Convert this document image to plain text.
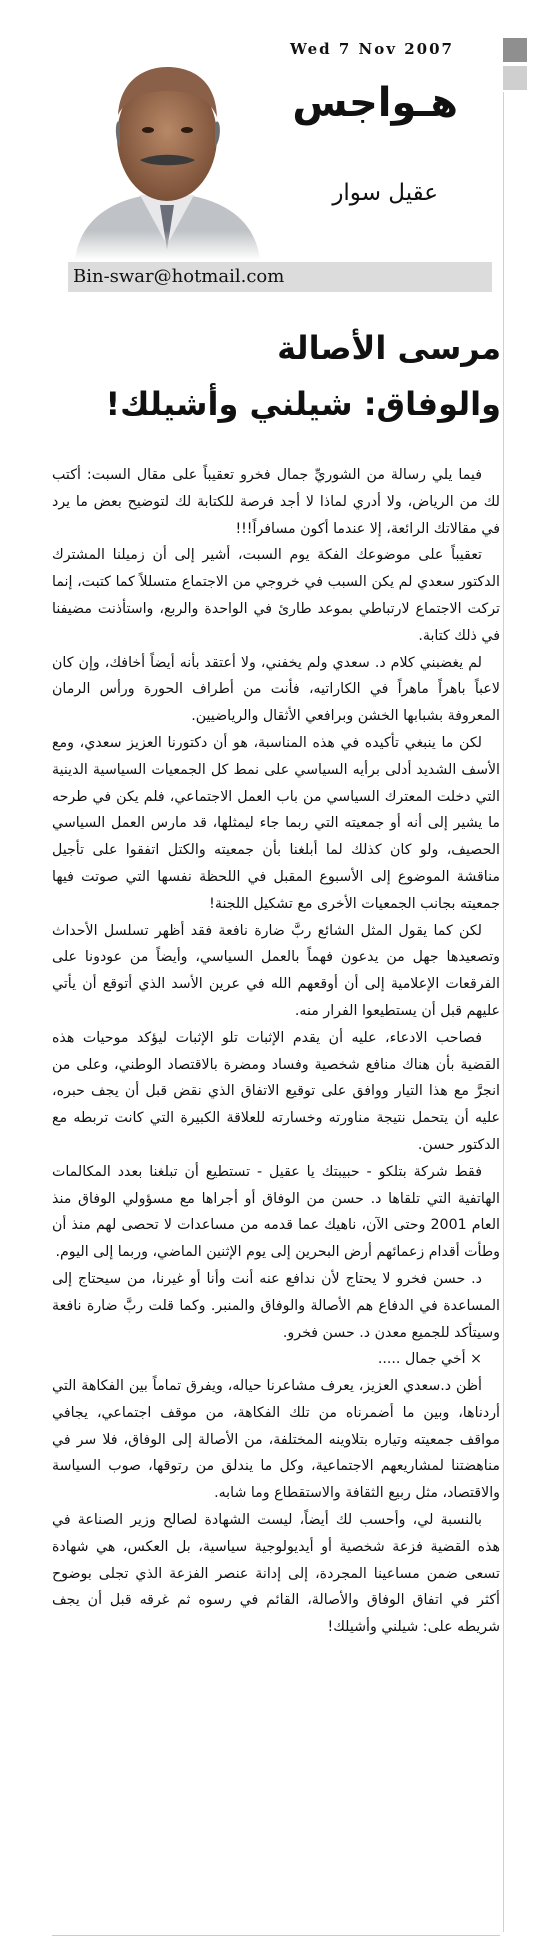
Wed 7 Nov 2007
هـواجس
عقيل سوار
Bin-swar@hotmail.com
مرسى الأصالة
والوفاق: شيلني وأشيلك!

فيما يلي رسالة من الشوريِّ جمال فخرو تعقيباً على مقال السبت: أكتب لك من الرياض، ولا أدري لماذا لا أجد فرصة للكتابة لك لتوضيح بعض ما يرد في مقالاتك الرائعة، إلا عندما أكون مسافراً!!!

تعقيباً على موضوعك الفكة يوم السبت، أشير إلى أن زميلنا المشترك الدكتور سعدي لم يكن السبب في خروجي من الاجتماع متسللاً كما كتبت، إنما تركت الاجتماع لارتباطي بموعد طارئ في الواحدة والربع، واستأذنت مضيفنا في ذلك كتابة.

لم يغضبني كلام د. سعدي ولم يخفني، ولا أعتقد بأنه أيضاً أخافك، وإن كان لاعباً باهراً ماهراً في الكاراتيه، فأنت من أطراف الحورة ورأس الرمان المعروفة بشبابها الخشن وبرافعي الأثقال والرياضيين.

لكن ما ينبغي تأكيده في هذه المناسبة، هو أن دكتورنا العزيز سعدي، ومع الأسف الشديد أدلى برأيه السياسي على نمط كل الجمعيات السياسية الدينية التي دخلت المعترك السياسي من باب العمل الاجتماعي، فلم يكن في طرحه ما يشير إلى أنه أو جمعيته التي ربما جاء ليمثلها، قد مارس العمل السياسي الحصيف، ولو كان كذلك لما أبلغنا بأن جمعيته والكتل اتفقوا على تأجيل مناقشة الموضوع إلى الأسبوع المقبل في اللحظة نفسها التي صوتت فيها جمعيته بجانب الجمعيات الأخرى مع تشكيل اللجنة!

لكن كما يقول المثل الشائع ربَّ ضارة نافعة فقد أظهر تسلسل الأحداث وتصعيدها جهل من يدعون فهماً بالعمل السياسي، وأيضاً من عودونا على الفرقعات الإعلامية إلى أن أوقعهم الله في عرين الأسد الذي أتوقع أن يأتي عليهم قبل أن يستطيعوا الفرار منه.

فصاحب الادعاء، عليه أن يقدم الإثبات تلو الإثبات ليؤكد موحيات هذه القضية بأن هناك منافع شخصية وفساد ومضرة بالاقتصاد الوطني، وعلى من انجرَّ مع هذا التيار ووافق على توقيع الاتفاق الذي نقض قبل أن يجف حبره، عليه أن يتحمل نتيجة مناورته وخسارته للعلاقة الكبيرة التي كانت تربطه مع الدكتور حسن.

فقط شركة بتلكو - حبيبتك يا عقيل - تستطيع أن تبلغنا بعدد المكالمات الهاتفية التي تلقاها د. حسن من الوفاق أو أجراها مع مسؤولي الوفاق منذ العام 2001 وحتى الآن، ناهيك عما قدمه من مساعدات لا تحصى لهم منذ أن وطأت أقدام زعمائهم أرض البحرين إلى يوم الإثنين الماضي، وربما إلى اليوم.

د. حسن فخرو لا يحتاج لأن ندافع عنه أنت وأنا أو غيرنا، من سيحتاج إلى المساعدة في الدفاع هم الأصالة والوفاق والمنبر. وكما قلت ربَّ ضارة نافعة وسيتأكد للجميع معدن د. حسن فخرو.

× أخي جمال .....

أظن د.سعدي العزيز، يعرف مشاعرنا حياله، ويفرق تماماً بين الفكاهة التي أردناها، وبين ما أضمرناه من تلك الفكاهة، من موقف اجتماعي، يجافي مواقف جمعيته وتياره بتلاوينه المختلفة، من الأصالة إلى الوفاق، فلا سر في مناهضتنا لمشاريعهم الاجتماعية، وكل ما يندلق من رتوقها، صوب السياسة والاقتصاد، مثل ربيع الثقافة والاستقطاع وما شابه.

بالنسبة لي، وأحسب لك أيضاً، ليست الشهادة لصالح وزير الصناعة في هذه القضية فزعة شخصية أو أيديولوجية سياسية، بل العكس، هي شهادة تسعى ضمن مساعينا المجردة، إلى إدانة عنصر الفزعة الذي تجلى بوضوح أكثر في اتفاق الوفاق والأصالة، القائم في رسوه ثم غرقه قبل أن يجف شريطه على: شيلني وأشيلك!
